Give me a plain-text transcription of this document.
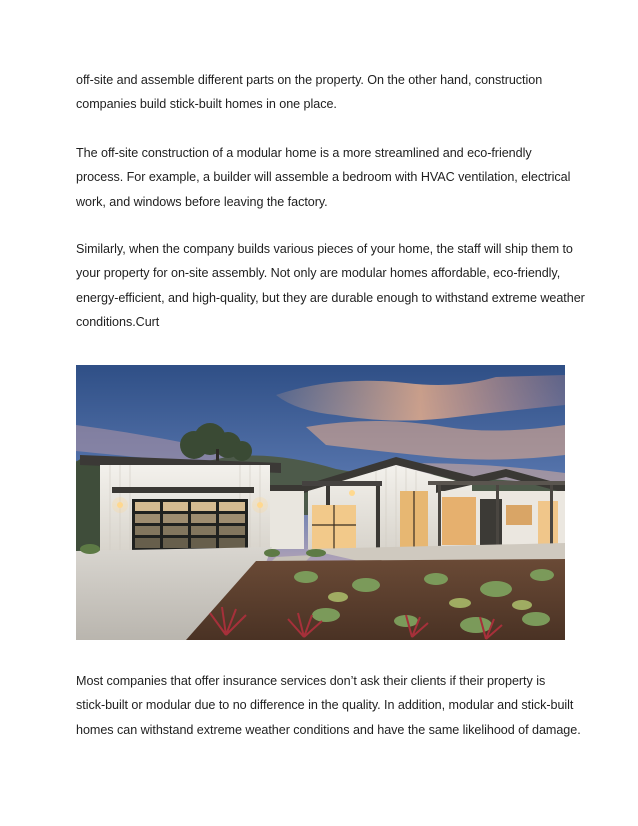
off-site and assemble different parts on the property. On the other hand, construction
companies build stick-built homes in one place.

The off-site construction of a modular home is a more streamlined and eco-friendly
process. For example, a builder will assemble a bedroom with HVAC ventilation, electrical
work, and windows before leaving the factory.

Similarly, when the company builds various pieces of your home, the staff will ship them to
your property for on-site assembly. Not only are modular homes affordable, eco-friendly,
energy-efficient, and high-quality, but they are durable enough to withstand extreme weather
conditions.Curt

Most companies that offer insurance services don’t ask their clients if their property is
stick-built or modular due to no difference in the quality. In addition, modular and stick-built
homes can withstand extreme weather conditions and have the same likelihood of damage.
